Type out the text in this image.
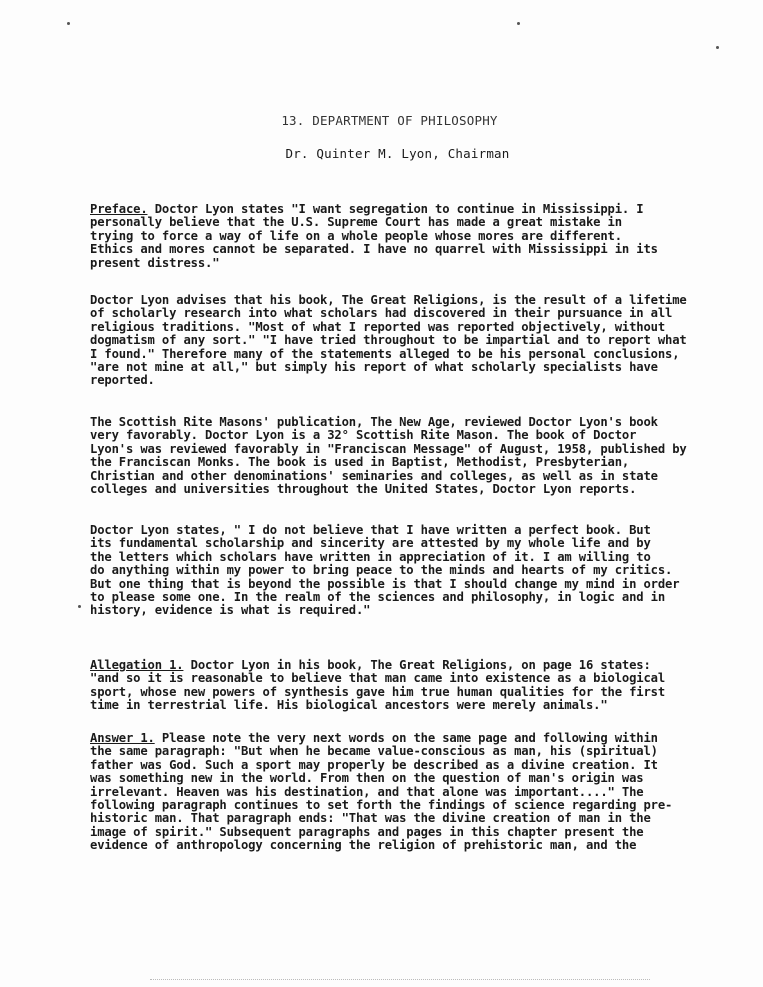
13. DEPARTMENT OF PHILOSOPHY
Dr. Quinter M. Lyon, Chairman
Preface. Doctor Lyon states "I want segregation to continue in Mississippi. I
personally believe that the U.S. Supreme Court has made a great mistake in
trying to force a way of life on a whole people whose mores are different.
Ethics and mores cannot be separated. I have no quarrel with Mississippi in its
present distress."
Doctor Lyon advises that his book, The Great Religions, is the result of a lifetime
of scholarly research into what scholars had discovered in their pursuance in all
religious traditions. "Most of what I reported was reported objectively, without
dogmatism of any sort." "I have tried throughout to be impartial and to report what
I found." Therefore many of the statements alleged to be his personal conclusions,
"are not mine at all," but simply his report of what scholarly specialists have
reported.
The Scottish Rite Masons' publication, The New Age, reviewed Doctor Lyon's book
very favorably. Doctor Lyon is a 32° Scottish Rite Mason. The book of Doctor
Lyon's was reviewed favorably in "Franciscan Message" of August, 1958, published by
the Franciscan Monks. The book is used in Baptist, Methodist, Presbyterian,
Christian and other denominations' seminaries and colleges, as well as in state
colleges and universities throughout the United States, Doctor Lyon reports.
Doctor Lyon states, " I do not believe that I have written a perfect book. But
its fundamental scholarship and sincerity are attested by my whole life and by
the letters which scholars have written in appreciation of it. I am willing to
do anything within my power to bring peace to the minds and hearts of my critics.
But one thing that is beyond the possible is that I should change my mind in order
to please some one. In the realm of the sciences and philosophy, in logic and in
history, evidence is what is required."
Allegation 1. Doctor Lyon in his book, The Great Religions, on page 16 states:
"and so it is reasonable to believe that man came into existence as a biological
sport, whose new powers of synthesis gave him true human qualities for the first
time in terrestrial life. His biological ancestors were merely animals."
Answer 1. Please note the very next words on the same page and following within
the same paragraph: "But when he became value-conscious as man, his (spiritual)
father was God. Such a sport may properly be described as a divine creation. It
was something new in the world. From then on the question of man's origin was
irrelevant. Heaven was his destination, and that alone was important...." The
following paragraph continues to set forth the findings of science regarding pre-
historic man. That paragraph ends: "That was the divine creation of man in the
image of spirit." Subsequent paragraphs and pages in this chapter present the
evidence of anthropology concerning the religion of prehistoric man, and the
